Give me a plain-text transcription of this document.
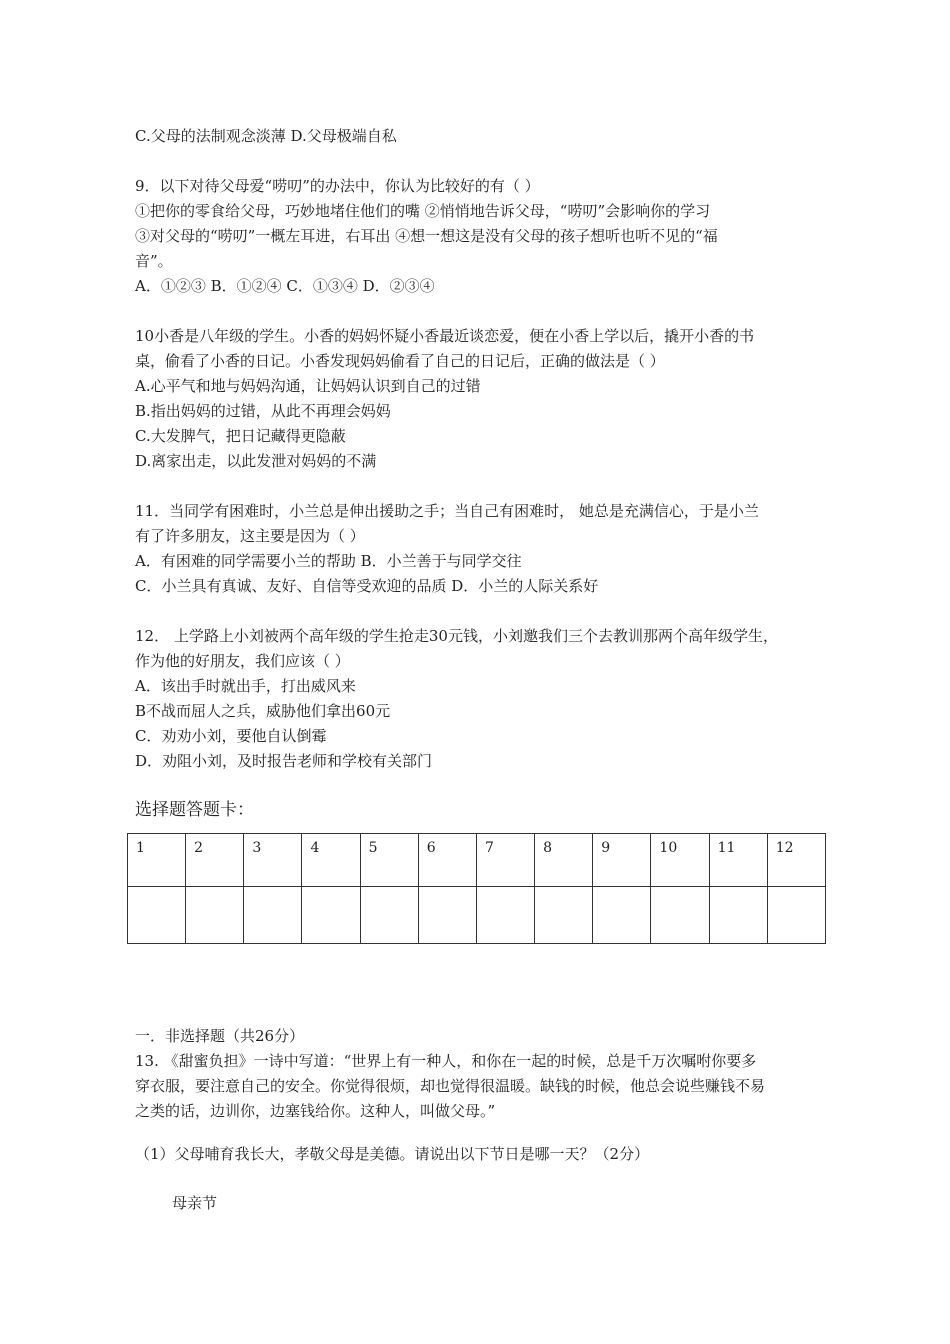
C.父母的法制观念淡薄 D.父母极端自私
9．以下对待父母爱“唠叨”的办法中，你认为比较好的有（ ）
①把你的零食给父母，巧妙地堵住他们的嘴 ②悄悄地告诉父母，“唠叨”会影响你的学习
③对父母的“唠叨”一概左耳进，右耳出 ④想一想这是没有父母的孩子想听也听不见的“福
音”。
A．①②③ B．①②④ C．①③④ D．②③④
10小香是八年级的学生。小香的妈妈怀疑小香最近谈恋爱，便在小香上学以后，撬开小香的书
桌，偷看了小香的日记。小香发现妈妈偷看了自己的日记后，正确的做法是（ ）
A.心平气和地与妈妈沟通，让妈妈认识到自己的过错
B.指出妈妈的过错，从此不再理会妈妈
C.大发脾气，把日记藏得更隐蔽
D.离家出走，以此发泄对妈妈的不满
11．当同学有困难时，小兰总是伸出援助之手；当自己有困难时， 她总是充满信心，于是小兰
有了许多朋友，这主要是因为（ ）
A．有困难的同学需要小兰的帮助 B．小兰善于与同学交往
C．小兰具有真诚、友好、自信等受欢迎的品质 D．小兰的人际关系好
12． 上学路上小刘被两个高年级的学生抢走30元钱，小刘邀我们三个去教训那两个高年级学生，
作为他的好朋友，我们应该（ ）
A．该出手时就出手，打出威风来
B不战而屈人之兵，威胁他们拿出60元
C．劝劝小刘，要他自认倒霉
D．劝阻小刘，及时报告老师和学校有关部门
选择题答题卡：
1	2	3	4	5	6	7	8	9	10	11	12

一．非选择题（共26分）
13. 《甜蜜负担》一诗中写道：“世界上有一种人，和你在一起的时候，总是千万次嘱咐你要多
穿衣服，要注意自己的安全。你觉得很烦，却也觉得很温暖。缺钱的时候，他总会说些赚钱不易
之类的话，边训你，边塞钱给你。这种人，叫做父母。”
（1）父母哺育我长大，孝敬父母是美德。请说出以下节日是哪一天？（2分）
母亲节
